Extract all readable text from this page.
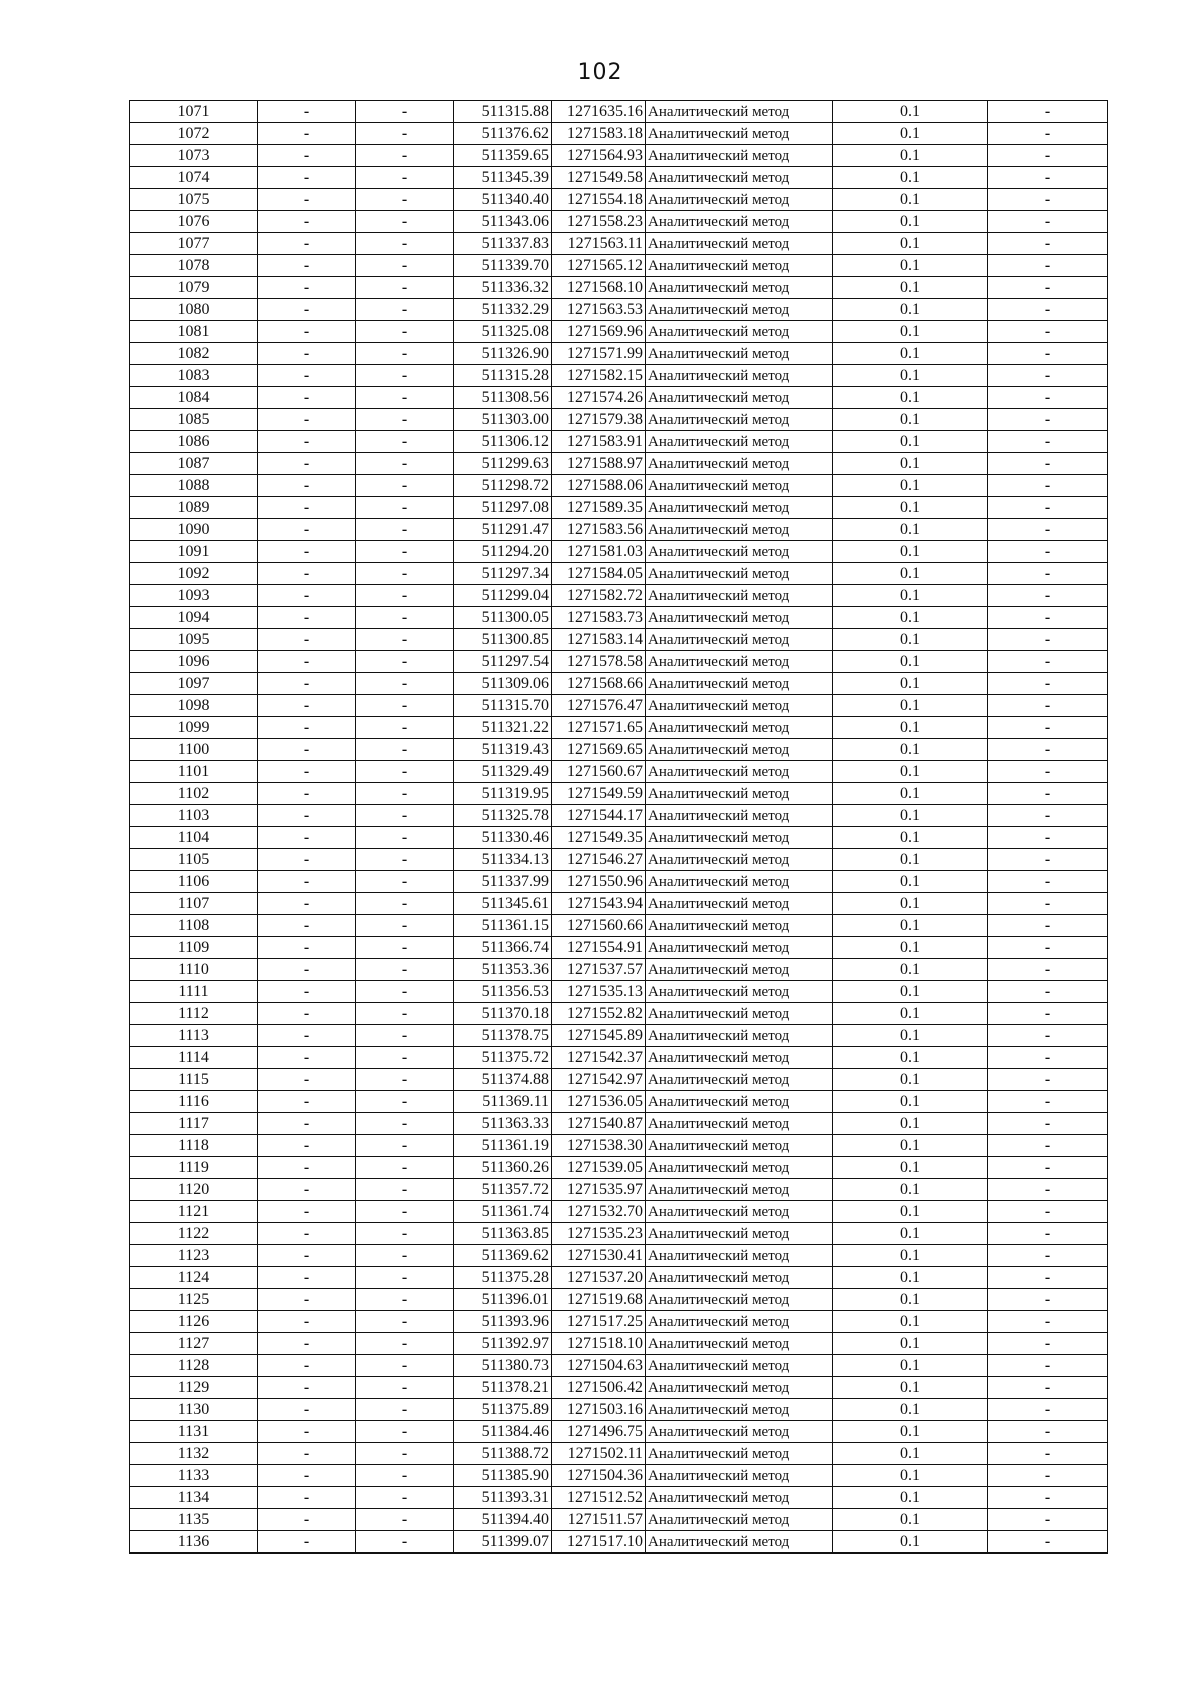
102
1071	-	-	511315.88	1271635.16	Аналитический метод	0.1	-
1072	-	-	511376.62	1271583.18	Аналитический метод	0.1	-
1073	-	-	511359.65	1271564.93	Аналитический метод	0.1	-
1074	-	-	511345.39	1271549.58	Аналитический метод	0.1	-
1075	-	-	511340.40	1271554.18	Аналитический метод	0.1	-
1076	-	-	511343.06	1271558.23	Аналитический метод	0.1	-
1077	-	-	511337.83	1271563.11	Аналитический метод	0.1	-
1078	-	-	511339.70	1271565.12	Аналитический метод	0.1	-
1079	-	-	511336.32	1271568.10	Аналитический метод	0.1	-
1080	-	-	511332.29	1271563.53	Аналитический метод	0.1	-
1081	-	-	511325.08	1271569.96	Аналитический метод	0.1	-
1082	-	-	511326.90	1271571.99	Аналитический метод	0.1	-
1083	-	-	511315.28	1271582.15	Аналитический метод	0.1	-
1084	-	-	511308.56	1271574.26	Аналитический метод	0.1	-
1085	-	-	511303.00	1271579.38	Аналитический метод	0.1	-
1086	-	-	511306.12	1271583.91	Аналитический метод	0.1	-
1087	-	-	511299.63	1271588.97	Аналитический метод	0.1	-
1088	-	-	511298.72	1271588.06	Аналитический метод	0.1	-
1089	-	-	511297.08	1271589.35	Аналитический метод	0.1	-
1090	-	-	511291.47	1271583.56	Аналитический метод	0.1	-
1091	-	-	511294.20	1271581.03	Аналитический метод	0.1	-
1092	-	-	511297.34	1271584.05	Аналитический метод	0.1	-
1093	-	-	511299.04	1271582.72	Аналитический метод	0.1	-
1094	-	-	511300.05	1271583.73	Аналитический метод	0.1	-
1095	-	-	511300.85	1271583.14	Аналитический метод	0.1	-
1096	-	-	511297.54	1271578.58	Аналитический метод	0.1	-
1097	-	-	511309.06	1271568.66	Аналитический метод	0.1	-
1098	-	-	511315.70	1271576.47	Аналитический метод	0.1	-
1099	-	-	511321.22	1271571.65	Аналитический метод	0.1	-
1100	-	-	511319.43	1271569.65	Аналитический метод	0.1	-
1101	-	-	511329.49	1271560.67	Аналитический метод	0.1	-
1102	-	-	511319.95	1271549.59	Аналитический метод	0.1	-
1103	-	-	511325.78	1271544.17	Аналитический метод	0.1	-
1104	-	-	511330.46	1271549.35	Аналитический метод	0.1	-
1105	-	-	511334.13	1271546.27	Аналитический метод	0.1	-
1106	-	-	511337.99	1271550.96	Аналитический метод	0.1	-
1107	-	-	511345.61	1271543.94	Аналитический метод	0.1	-
1108	-	-	511361.15	1271560.66	Аналитический метод	0.1	-
1109	-	-	511366.74	1271554.91	Аналитический метод	0.1	-
1110	-	-	511353.36	1271537.57	Аналитический метод	0.1	-
1111	-	-	511356.53	1271535.13	Аналитический метод	0.1	-
1112	-	-	511370.18	1271552.82	Аналитический метод	0.1	-
1113	-	-	511378.75	1271545.89	Аналитический метод	0.1	-
1114	-	-	511375.72	1271542.37	Аналитический метод	0.1	-
1115	-	-	511374.88	1271542.97	Аналитический метод	0.1	-
1116	-	-	511369.11	1271536.05	Аналитический метод	0.1	-
1117	-	-	511363.33	1271540.87	Аналитический метод	0.1	-
1118	-	-	511361.19	1271538.30	Аналитический метод	0.1	-
1119	-	-	511360.26	1271539.05	Аналитический метод	0.1	-
1120	-	-	511357.72	1271535.97	Аналитический метод	0.1	-
1121	-	-	511361.74	1271532.70	Аналитический метод	0.1	-
1122	-	-	511363.85	1271535.23	Аналитический метод	0.1	-
1123	-	-	511369.62	1271530.41	Аналитический метод	0.1	-
1124	-	-	511375.28	1271537.20	Аналитический метод	0.1	-
1125	-	-	511396.01	1271519.68	Аналитический метод	0.1	-
1126	-	-	511393.96	1271517.25	Аналитический метод	0.1	-
1127	-	-	511392.97	1271518.10	Аналитический метод	0.1	-
1128	-	-	511380.73	1271504.63	Аналитический метод	0.1	-
1129	-	-	511378.21	1271506.42	Аналитический метод	0.1	-
1130	-	-	511375.89	1271503.16	Аналитический метод	0.1	-
1131	-	-	511384.46	1271496.75	Аналитический метод	0.1	-
1132	-	-	511388.72	1271502.11	Аналитический метод	0.1	-
1133	-	-	511385.90	1271504.36	Аналитический метод	0.1	-
1134	-	-	511393.31	1271512.52	Аналитический метод	0.1	-
1135	-	-	511394.40	1271511.57	Аналитический метод	0.1	-
1136	-	-	511399.07	1271517.10	Аналитический метод	0.1	-
